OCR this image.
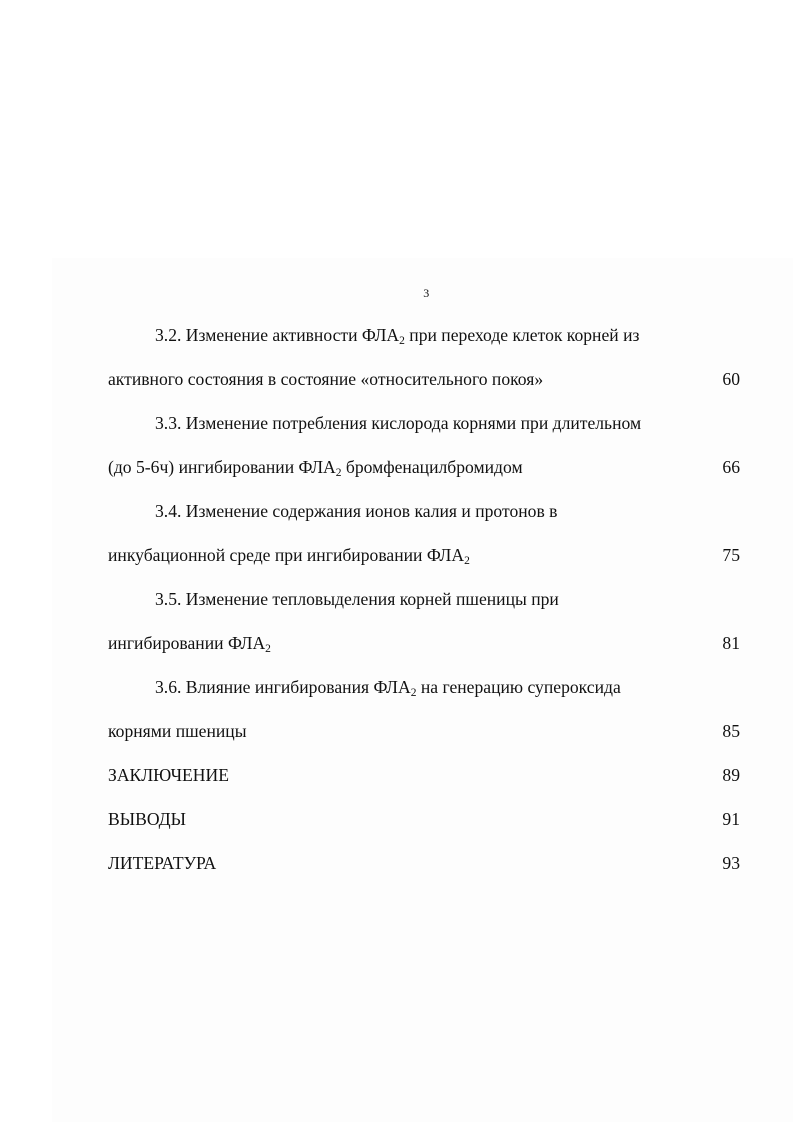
3
3.2. Изменение активности $ФЛА_2$ при переходе клеток корней из
активного состояния в состояние «относительного покоя»	60
3.3. Изменение потребления кислорода корнями при длительном
(до 5-6ч) ингибировании $ФЛА_2$ бромфенацилбромидом	66
3.4. Изменение содержания ионов калия и протонов в
инкубационной среде при ингибировании $ФЛА_2$	75
3.5. Изменение тепловыделения корней пшеницы при
ингибировании $ФЛА_2$	81
3.6. Влияние ингибирования $ФЛА_2$ на генерацию супероксида
корнями пшеницы	85
ЗАКЛЮЧЕНИЕ	89
ВЫВОДЫ	91
ЛИТЕРАТУРА	93
